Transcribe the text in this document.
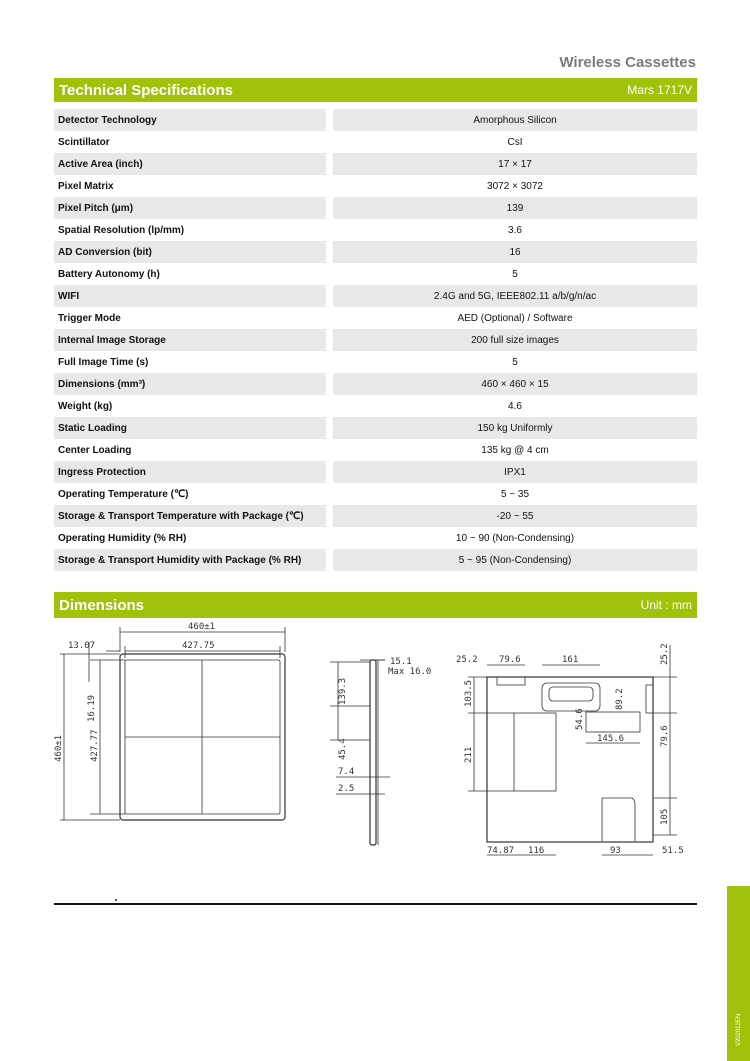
Wireless Cassettes
Technical Specifications	Mars 1717V
Detector Technology	Amorphous Silicon
Scintillator	CsI
Active Area (inch)	17 × 17
Pixel Matrix	3072 × 3072
Pixel Pitch (μm)	139
Spatial Resolution (lp/mm)	3.6
AD Conversion (bit)	16
Battery Autonomy (h)	5
WIFI	2.4G and 5G, IEEE802.11 a/b/g/n/ac
Trigger Mode	AED (Optional) / Software
Internal Image Storage	200 full size images
Full Image Time (s)	5
Dimensions (mm³)	460 × 460 × 15
Weight (kg)	4.6
Static Loading	150 kg Uniformly
Center Loading	135 kg @ 4 cm
Ingress Protection	IPX1
Operating Temperature (℃)	5 ~ 35
Storage & Transport Temperature with Package (℃)	-20 ~ 55
Operating Humidity (% RH)	10 ~ 90 (Non-Condensing)
Storage & Transport Humidity with Package (% RH)	5 ~ 95 (Non-Condensing)
Dimensions	Unit : mm
460±1
427.75
13.07
16.19
460±1	427.77
15.1
Max 16.0
139.3
45.4
7.4
2.5
25.2 79.6	161	25.2
103.5	89.2
54.6
145.6	79.6
211
105
74.87 116	93	51.5
V202012EN
